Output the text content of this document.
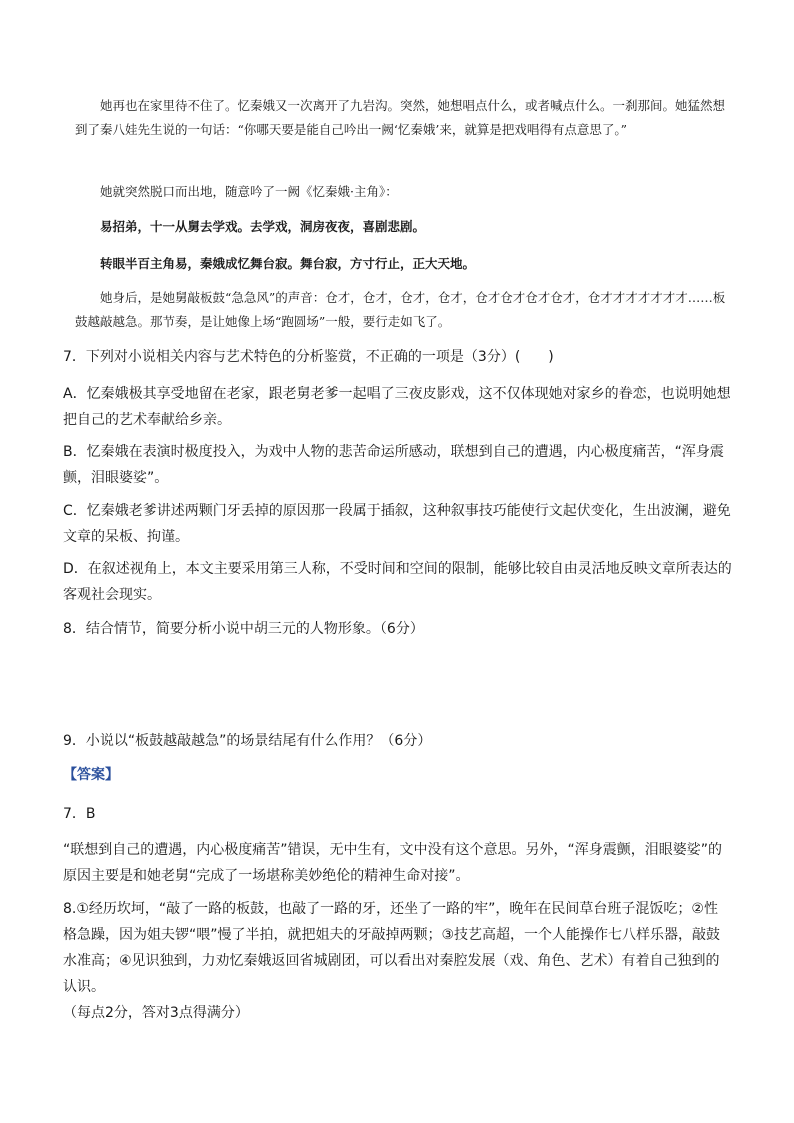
她再也在家里待不住了。忆秦娥又一次离开了九岩沟。突然，她想唱点什么，或者喊点什么。一刹那间。她猛然想到了秦八娃先生说的一句话：“你哪天要是能自己吟出一阙‘忆秦娥’来，就算是把戏唱得有点意思了。”

她就突然脱口而出地，随意吟了一阙《忆秦娥·主角》：

易招弟，十一从舅去学戏。去学戏，洞房夜夜，喜剧悲剧。

转眼半百主角易，秦娥成忆舞台寂。舞台寂，方寸行止，正大天地。

她身后，是她舅敲板鼓“急急风”的声音：仓才，仓才，仓才，仓才，仓才仓才仓才仓才，仓才才才才才才才……板鼓越敲越急。那节奏，是让她像上场“跑圆场”一般，要行走如飞了。

7．下列对小说相关内容与艺术特色的分析鉴赏，不正确的一项是（3分）(　　)

A．忆秦娥极其享受地留在老家，跟老舅老爹一起唱了三夜皮影戏，这不仅体现她对家乡的眷恋，也说明她想把自己的艺术奉献给乡亲。

B．忆秦娥在表演时极度投入，为戏中人物的悲苦命运所感动，联想到自己的遭遇，内心极度痛苦，“浑身震颤，泪眼婆娑”。

C．忆秦娥老爹讲述两颗门牙丢掉的原因那一段属于插叙，这种叙事技巧能使行文起伏变化，生出波澜，避免文章的呆板、拘谨。

D．在叙述视角上，本文主要采用第三人称，不受时间和空间的限制，能够比较自由灵活地反映文章所表达的客观社会现实。

8．结合情节，简要分析小说中胡三元的人物形象。（6分）

9．小说以“板鼓越敲越急”的场景结尾有什么作用？（6分）

【答案】

7．B

“联想到自己的遭遇，内心极度痛苦”错误，无中生有，文中没有这个意思。另外，“浑身震颤，泪眼婆娑”的原因主要是和她老舅“完成了一场堪称美妙绝伦的精神生命对接”。

8.①经历坎坷，“敲了一路的板鼓，也敲了一路的牙，还坐了一路的牢”，晚年在民间草台班子混饭吃；②性格急躁，因为姐夫锣“喂”慢了半拍，就把姐夫的牙敲掉两颗；③技艺高超，一个人能操作七八样乐器，敲鼓水准高；④见识独到，力劝忆秦娥返回省城剧团，可以看出对秦腔发展（戏、角色、艺术）有着自己独到的认识。

（每点2分，答对3点得满分）
